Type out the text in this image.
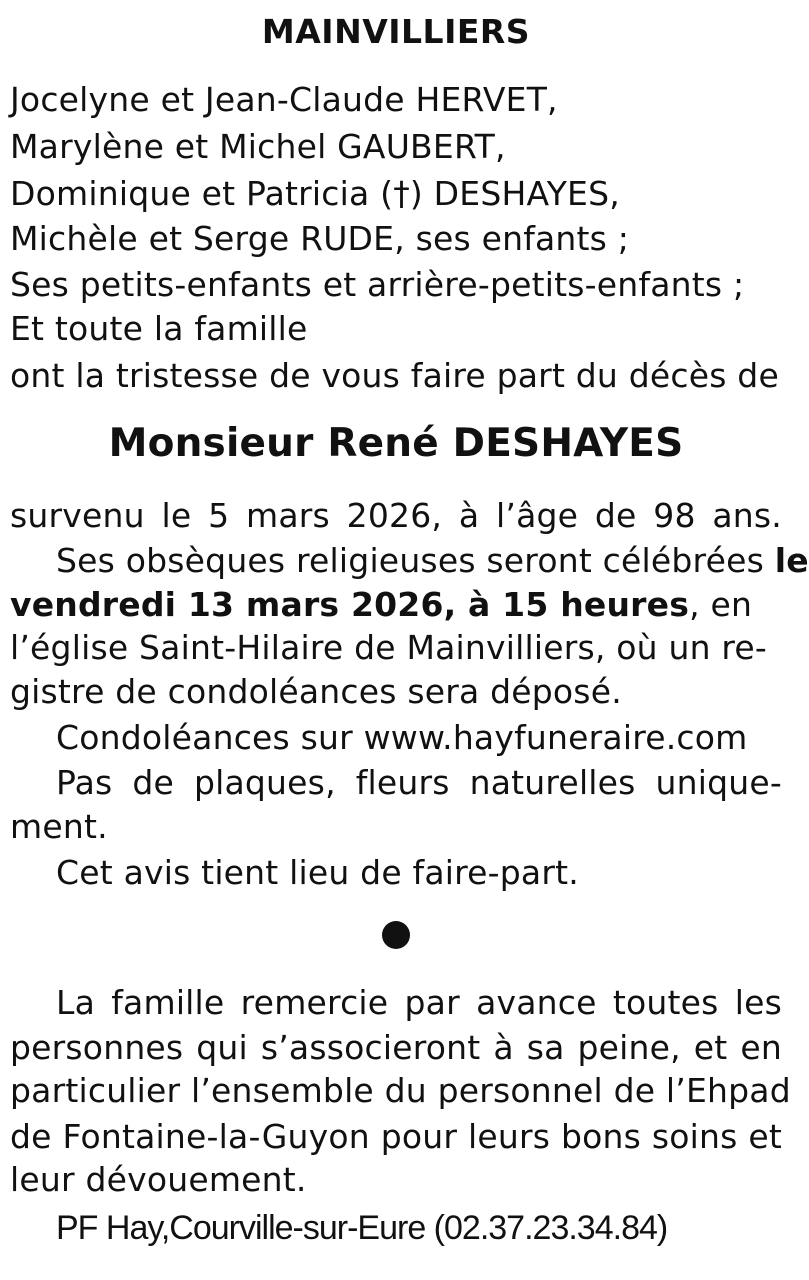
MAINVILLIERS
Jocelyne et Jean-Claude HERVET,
Marylène et Michel GAUBERT,
Dominique et Patricia (†) DESHAYES,
Michèle et Serge RUDE, ses enfants ;
Ses petits-enfants et arrière-petits-enfants ;
Et toute la famille
ont la tristesse de vous faire part du décès de
Monsieur René DESHAYES
survenu le 5 mars 2026, à l’âge de 98 ans.
Ses obsèques religieuses seront célébrées le
vendredi 13 mars 2026, à 15 heures, en
l’église Saint-Hilaire de Mainvilliers, où un re-
gistre de condoléances sera déposé.
Condoléances sur www.hayfuneraire.com
Pas de plaques, fleurs naturelles unique-
ment.
Cet avis tient lieu de faire-part.
La famille remercie par avance toutes les
personnes qui s’associeront à sa peine, et en
particulier l’ensemble du personnel de l’Ehpad
de Fontaine-la-Guyon pour leurs bons soins et
leur dévouement.
PF Hay,Courville-sur-Eure (02.37.23.34.84)
